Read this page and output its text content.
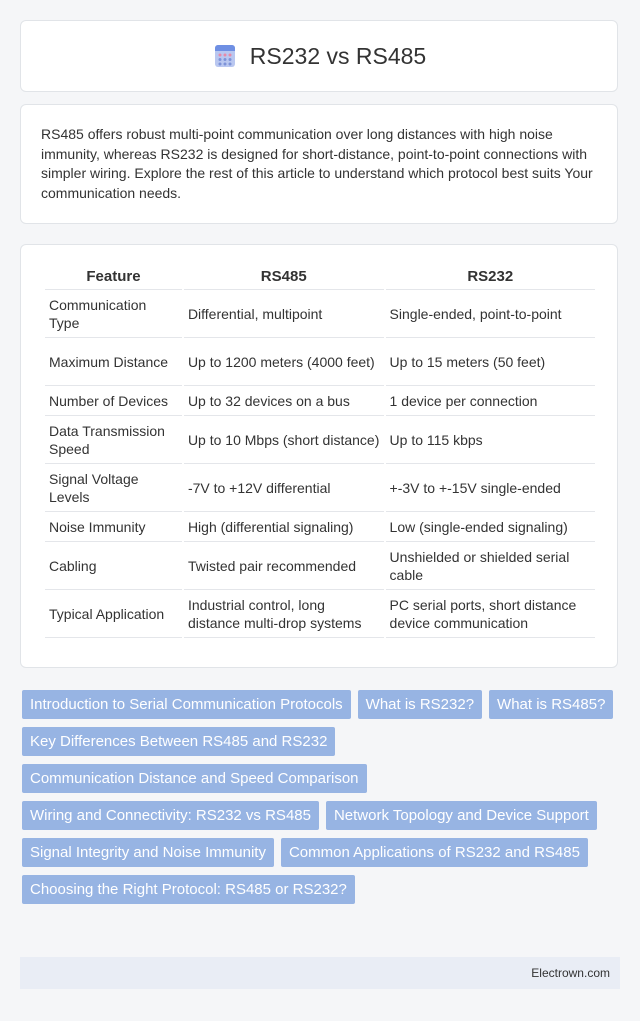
RS232 vs RS485
RS485 offers robust multi-point communication over long distances with high noise immunity, whereas RS232 is designed for short-distance, point-to-point connections with simpler wiring. Explore the rest of this article to understand which protocol best suits Your communication needs.
Feature	RS485	RS232
Communication Type	Differential, multipoint	Single-ended, point-to-point
Maximum Distance	Up to 1200 meters (4000 feet)	Up to 15 meters (50 feet)
Number of Devices	Up to 32 devices on a bus	1 device per connection
Data Transmission Speed	Up to 10 Mbps (short distance)	Up to 115 kbps
Signal Voltage Levels	-7V to +12V differential	+-3V to +-15V single-ended
Noise Immunity	High (differential signaling)	Low (single-ended signaling)
Cabling	Twisted pair recommended	Unshielded or shielded serial cable
Typical Application	Industrial control, long distance multi-drop systems	PC serial ports, short distance device communication
Introduction to Serial Communication Protocols	What is RS232?	What is RS485?
Key Differences Between RS485 and RS232
Communication Distance and Speed Comparison
Wiring and Connectivity: RS232 vs RS485	Network Topology and Device Support
Signal Integrity and Noise Immunity	Common Applications of RS232 and RS485
Choosing the Right Protocol: RS485 or RS232?
Electrown.com
